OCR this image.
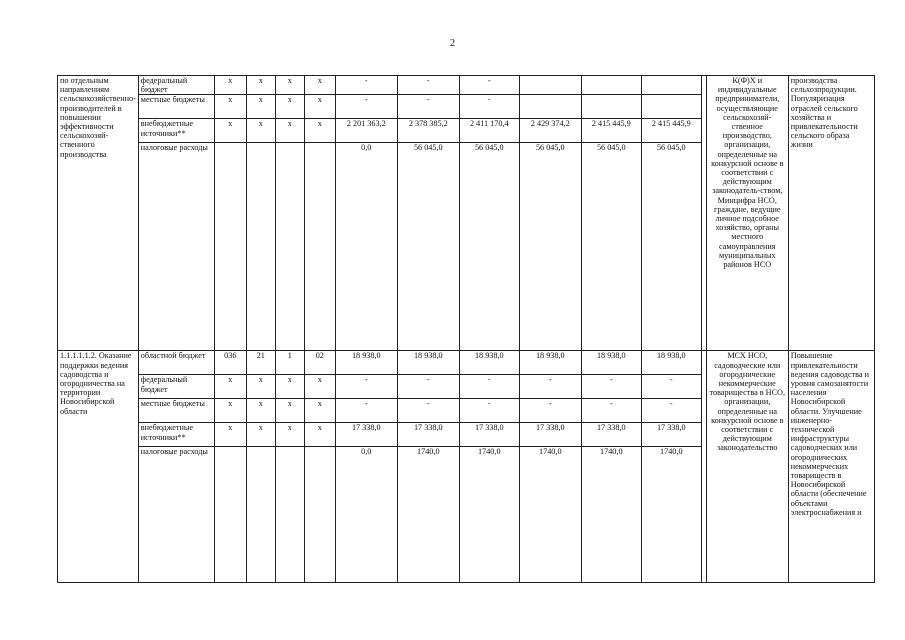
2
по отдельным направлениям сельскохозяйственно-производителей в повышении эффективности сельскохозяй-ственного производства	федеральный бюджет	х	х	х	х	-	-	-					К(Ф)Х и индивидуальные предприниматели, осуществляющие сельскохозяй-ственное производство, организации, определенные на конкурсной основе в соответствии с действующим законодатель-ством, Минцифра НСО, граждане, ведущие личное подсобное хозяйство, органы местного самоуправления муниципальных районов НСО	производства сельхозпродукции. Популяризация отраслей сельского хозяйства и привлекательности сельского образа жизни
	местные бюджеты	х	х	х	х	-	-	-						
	внебюджетные источники**	х	х	х	х	2 201 363,2	2 378 385,2	2 411 170,4	2 429 374,2	2 415 445,9	2 415 445,9			
	налоговые расходы					0,0	56 045,0	56 045,0	56 045,0	56 045,0	56 045,0			
1.1.1.1.1.2. Оказание поддержки ведения садоводства и огородничества на территории Новосибирской области	областной бюджет	036	21	1	02	18 938,0	18 938,0	18 938,0	18 938,0	18 938,0	18 938,0		МСХ НСО, садоводческие или огороднические некоммерческие товарищества в НСО, организации, определенные на конкурсной основе в соответствии с действующим законодательство	Повышение привлекательности ведения садоводства и уровня самозанятости населения Новосибирской области. Улучшение инженерно-технической инфраструктуры садоводческих или огороднических некоммерческих товариществ в Новосибирской области (обеспечение объектами электроснабжения и
	федеральный бюджет	х	х	х	х	-	-	-	-	-	-			
	местные бюджеты	х	х	х	х	-	-	-	-	-	-			
	внебюджетные источники**	х	х	х	х	17 338,0	17 338,0	17 338,0	17 338,0	17 338,0	17 338,0			
	налоговые расходы					0,0	1740,0	1740,0	1740,0	1740,0	1740,0			
